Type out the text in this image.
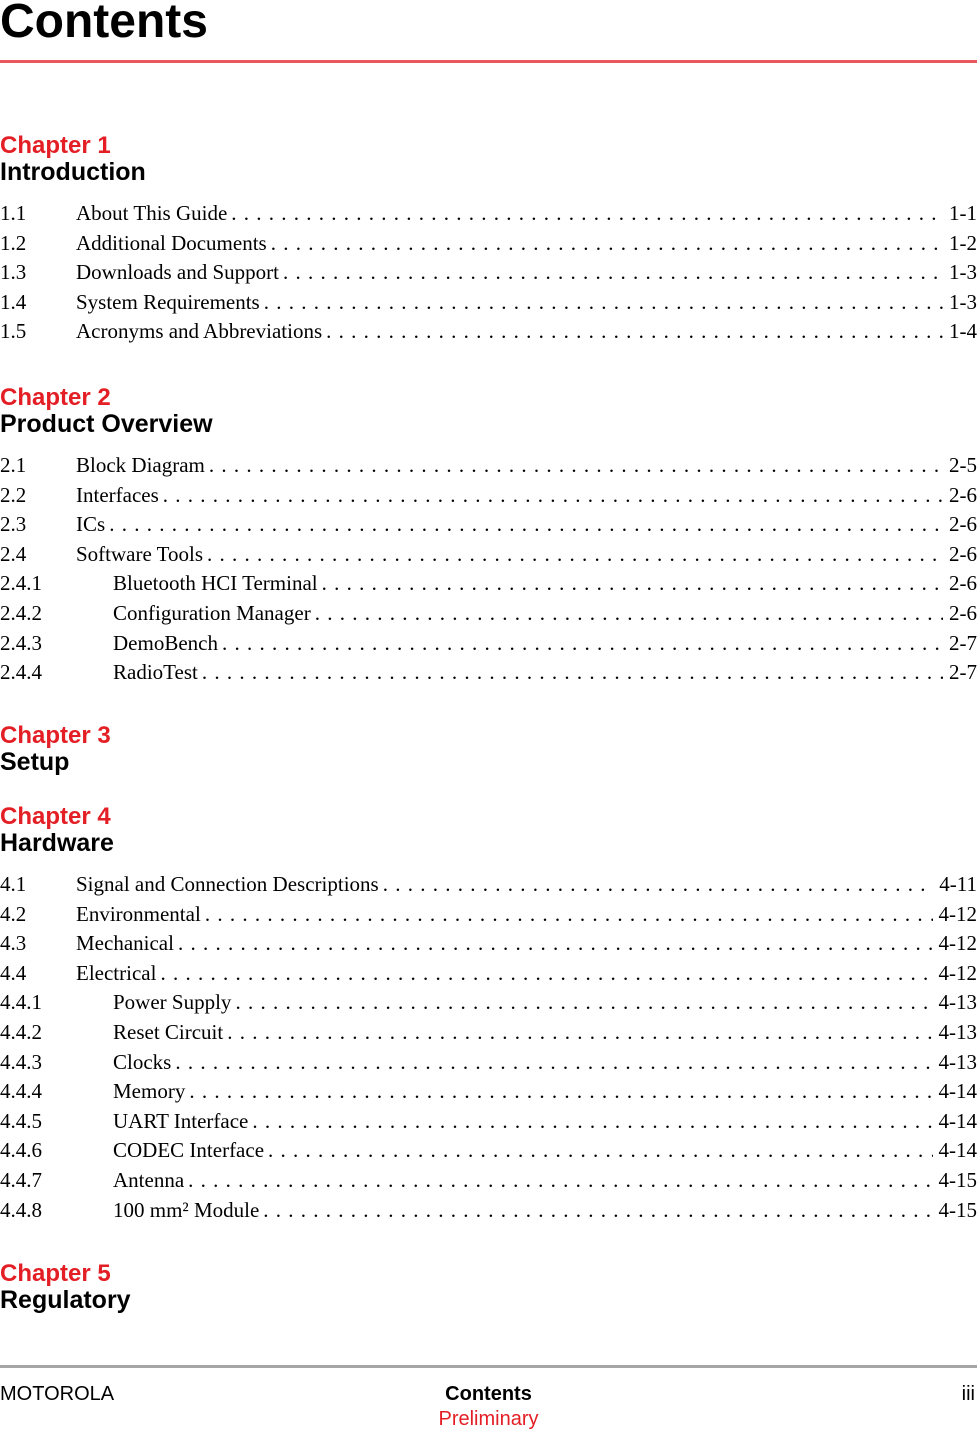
Contents
Chapter 1
Introduction
1.1	About This Guide . . .	1-1
1.2	Additional Documents . . .	1-2
1.3	Downloads and Support . . .	1-3
1.4	System Requirements . . .	1-3
1.5	Acronyms and Abbreviations . . .	1-4
Chapter 2
Product Overview
2.1	Block Diagram . . .	2-5
2.2	Interfaces . . .	2-6
2.3	ICs . . .	2-6
2.4	Software Tools . . .	2-6
2.4.1	Bluetooth HCI Terminal . . .	2-6
2.4.2	Configuration Manager . . .	2-6
2.4.3	DemoBench . . .	2-7
2.4.4	RadioTest . . .	2-7
Chapter 3
Setup
Chapter 4
Hardware
4.1	Signal and Connection Descriptions . . .	4-11
4.2	Environmental . . .	4-12
4.3	Mechanical . . .	4-12
4.4	Electrical . . .	4-12
4.4.1	Power Supply . . .	4-13
4.4.2	Reset Circuit . . .	4-13
4.4.3	Clocks . . .	4-13
4.4.4	Memory . . .	4-14
4.4.5	UART Interface . . .	4-14
4.4.6	CODEC Interface . . .	4-14
4.4.7	Antenna . . .	4-15
4.4.8	100 mm² Module . . .	4-15
Chapter 5
Regulatory
MOTOROLA	Contents	iii
Preliminary
